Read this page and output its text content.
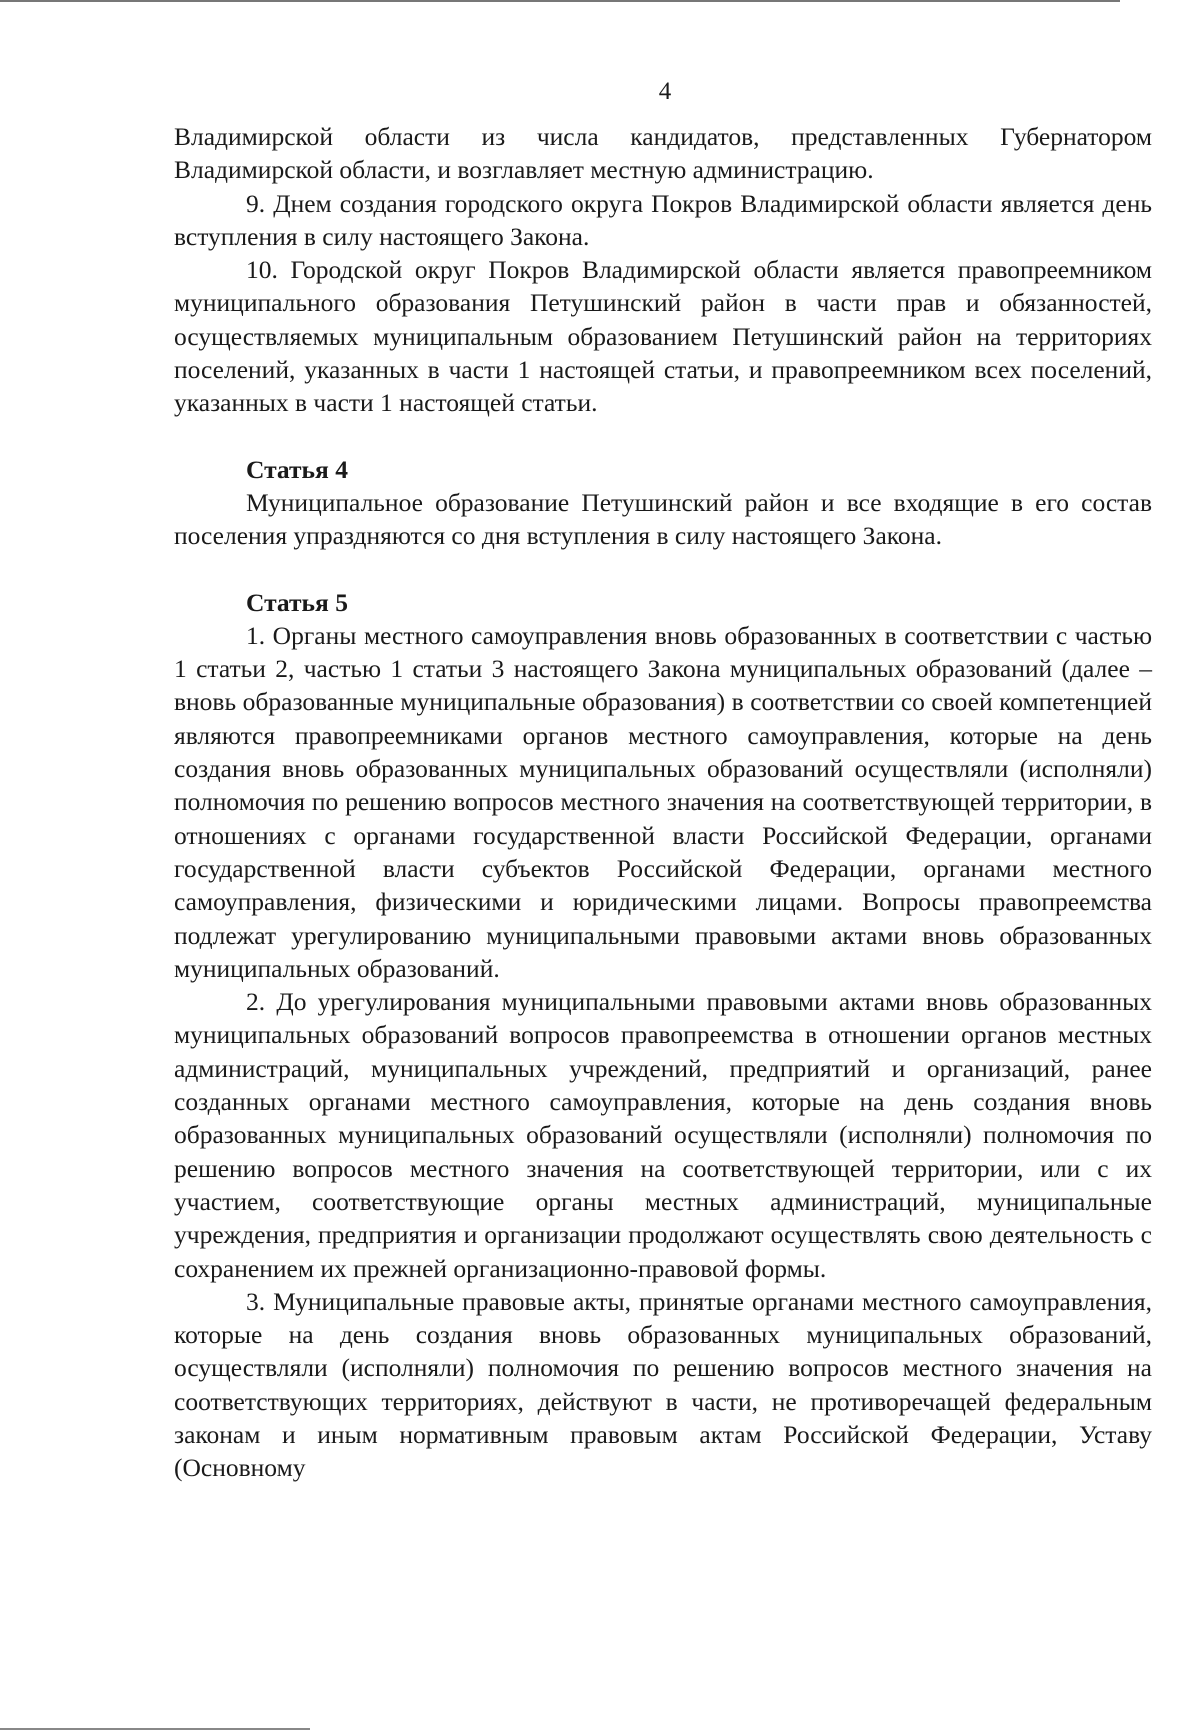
4

Владимирской области из числа кандидатов, представленных Губернатором Владимирской области, и возглавляет местную администрацию.

9. Днем создания городского округа Покров Владимирской области является день вступления в силу настоящего Закона.

10. Городской округ Покров Владимирской области является правопреемником муниципального образования Петушинский район в части прав и обязанностей, осуществляемых муниципальным образованием Петушинский район на территориях поселений, указанных в части 1 настоящей статьи, и правопреемником всех поселений, указанных в части 1 настоящей статьи.

Статья 4

Муниципальное образование Петушинский район и все входящие в его состав поселения упраздняются со дня вступления в силу настоящего Закона.

Статья 5

1. Органы местного самоуправления вновь образованных в соответствии с частью 1 статьи 2, частью 1 статьи 3 настоящего Закона муниципальных образований (далее – вновь образованные муниципальные образования) в соответствии со своей компетенцией являются правопреемниками органов местного самоуправления, которые на день создания вновь образованных муниципальных образований осуществляли (исполняли) полномочия по решению вопросов местного значения на соответствующей территории, в отношениях с органами государственной власти Российской Федерации, органами государственной власти субъектов Российской Федерации, органами местного самоуправления, физическими и юридическими лицами. Вопросы правопреемства подлежат урегулированию муниципальными правовыми актами вновь образованных муниципальных образований.

2. До урегулирования муниципальными правовыми актами вновь образованных муниципальных образований вопросов правопреемства в отношении органов местных администраций, муниципальных учреждений, предприятий и организаций, ранее созданных органами местного самоуправления, которые на день создания вновь образованных муниципальных образований осуществляли (исполняли) полномочия по решению вопросов местного значения на соответствующей территории, или с их участием, соответствующие органы местных администраций, муниципальные учреждения, предприятия и организации продолжают осуществлять свою деятельность с сохранением их прежней организационно-правовой формы.

3. Муниципальные правовые акты, принятые органами местного самоуправления, которые на день создания вновь образованных муниципальных образований, осуществляли (исполняли) полномочия по решению вопросов местного значения на соответствующих территориях, действуют в части, не противоречащей федеральным законам и иным нормативным правовым актам Российской Федерации, Уставу (Основному
